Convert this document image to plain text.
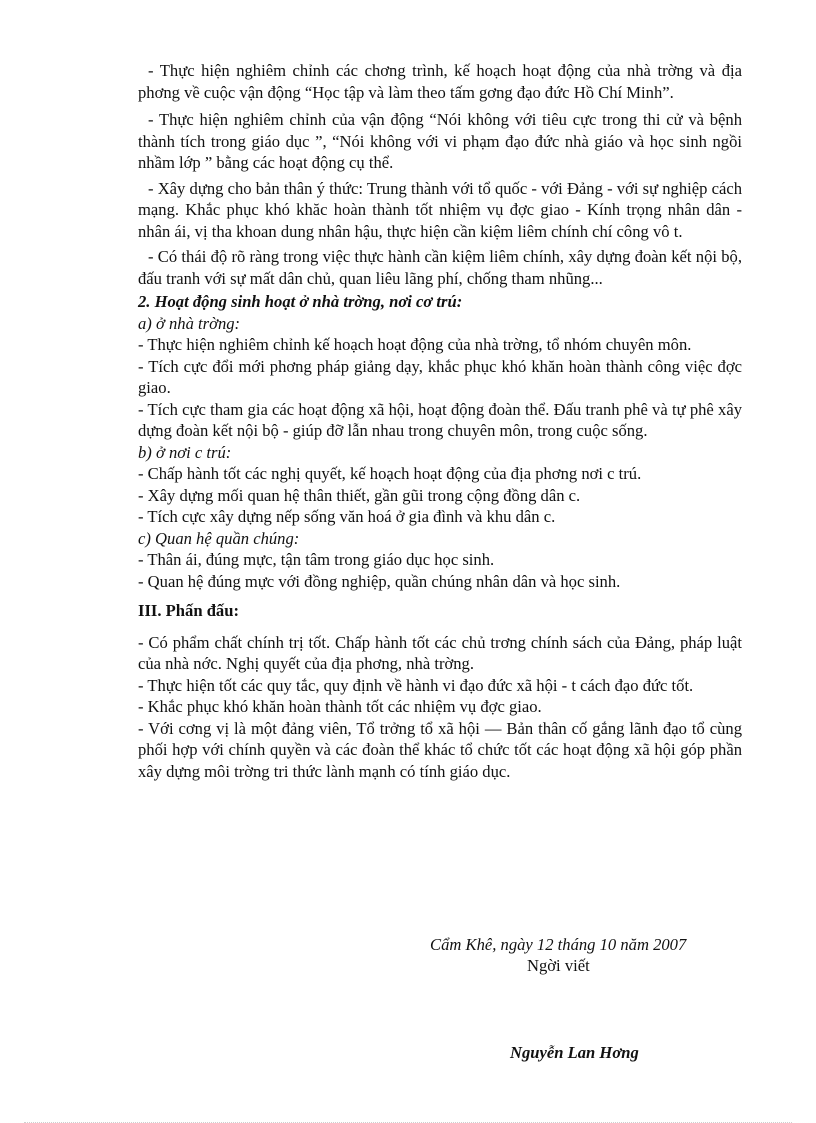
- Thực hiện nghiêm chỉnh các chơng trình, kế hoạch hoạt động của nhà trờng và địa phơng về cuộc vận động “Học tập và làm theo tấm gơng đạo đức Hồ Chí Minh”.

- Thực hiện nghiêm chỉnh của vận động “Nói không với tiêu cực trong thi cử và bệnh thành tích trong giáo dục ”, “Nói không với vi phạm đạo đức nhà giáo và học sinh ngồi nhầm lớp ” bằng các hoạt động cụ thể.

- Xây dựng cho bản thân ý thức: Trung thành với tổ quốc - với Đảng - với sự nghiệp cách mạng. Khắc phục khó khăc hoàn thành tốt nhiệm vụ đợc giao - Kính trọng nhân dân - nhân ái, vị tha khoan dung nhân hậu, thực hiện cần kiệm liêm chính chí công vô t.

- Có thái độ rõ ràng trong việc thực hành cần kiệm liêm chính, xây dựng đoàn kết nội bộ, đấu tranh với sự mất dân chủ, quan liêu lãng phí, chống tham nhũng...

2. Hoạt động sinh hoạt ở nhà trờng, nơi cơ trú:

a) ở nhà trờng:

- Thực hiện nghiêm chỉnh kế hoạch hoạt động của nhà trờng, tổ nhóm chuyên môn.

- Tích cực đổi mới phơng pháp giảng dạy, khắc phục khó khăn hoàn thành công việc đợc giao.

- Tích cực tham gia các hoạt động xã hội, hoạt động đoàn thể. Đấu tranh phê và tự phê xây dựng đoàn kết nội bộ - giúp đỡ lẫn nhau trong chuyên môn, trong cuộc sống.

b) ở nơi c trú:

- Chấp hành tốt các nghị quyết, kế hoạch hoạt động của địa phơng nơi c trú.

- Xây dựng mối quan hệ thân thiết, gần gũi trong cộng đồng dân c.

- Tích cực xây dựng nếp sống văn hoá ở gia đình và khu dân c.

c) Quan hệ quần chúng:

- Thân ái, đúng mực, tận tâm trong giáo dục học sinh.

- Quan hệ đúng mực với đồng nghiệp, quần chúng nhân dân và học sinh.

III. Phấn đấu:

- Có phẩm chất chính trị tốt. Chấp hành tốt các chủ trơng chính sách của Đảng, pháp luật của nhà nớc. Nghị quyết của địa phơng, nhà trờng.

- Thực hiện tốt các quy tắc, quy định về hành vi đạo đức xã hội - t cách đạo đức tốt.

- Khắc phục khó khăn hoàn thành tốt các nhiệm vụ đợc giao.

- Với cơng vị là một đảng viên, Tổ trởng tổ xã hội — Bản thân cố gắng lãnh đạo tổ cùng phối hợp với chính quyền và các đoàn thể khác tổ chức tốt các hoạt động xã hội góp phần xây dựng môi trờng tri thức lành mạnh có tính giáo dục.

Cẩm Khê, ngày 12 tháng 10 năm 2007
Ngời viết
Nguyễn Lan Hơng
